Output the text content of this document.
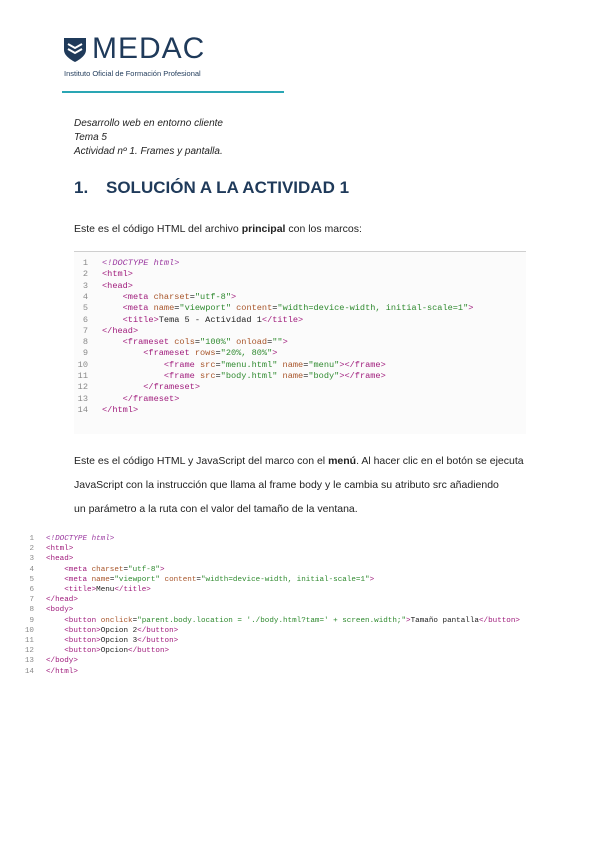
MEDAC
Instituto Oficial de Formación Profesional
Desarrollo web en entorno cliente
Tema 5
Actividad nº 1. Frames y pantalla.
1. SOLUCIÓN A LA ACTIVIDAD 1
Este es el código HTML del archivo principal con los marcos:
1 <!DOCTYPE html>
2 <html>
3 <head>
4	<meta charset="utf-8">
5	<meta name="viewport" content="width=device-width, initial-scale=1">
6	<title>Tema 5 - Actividad 1</title>
7 </head>
8	<frameset cols="100%" onload="">
9	<frameset rows="20%, 80%">
10	<frame src="menu.html" name="menu"></frame>
11	<frame src="body.html" name="body"></frame>
12	</frameset>
13	</frameset>
14 </html>
Este es el código HTML y JavaScript del marco con el menú. Al hacer clic en el botón se ejecuta
JavaScript con la instrucción que llama al frame body y le cambia su atributo src añadiendo
un parámetro a la ruta con el valor del tamaño de la ventana.
1 <!DOCTYPE html>
2 <html>
3 <head>
4	<meta charset="utf-8">
5	<meta name="viewport" content="width=device-width, initial-scale=1">
6	<title>Menu</title>
7 </head>
8 <body>
9	<button onclick="parent.body.location = './body.html?tam=' + screen.width;">Tamaño pantalla</button>
10	<button>Opcion 2</button>
11	<button>Opcion 3</button>
12	<button>Opcion</button>
13 </body>
14 </html>
